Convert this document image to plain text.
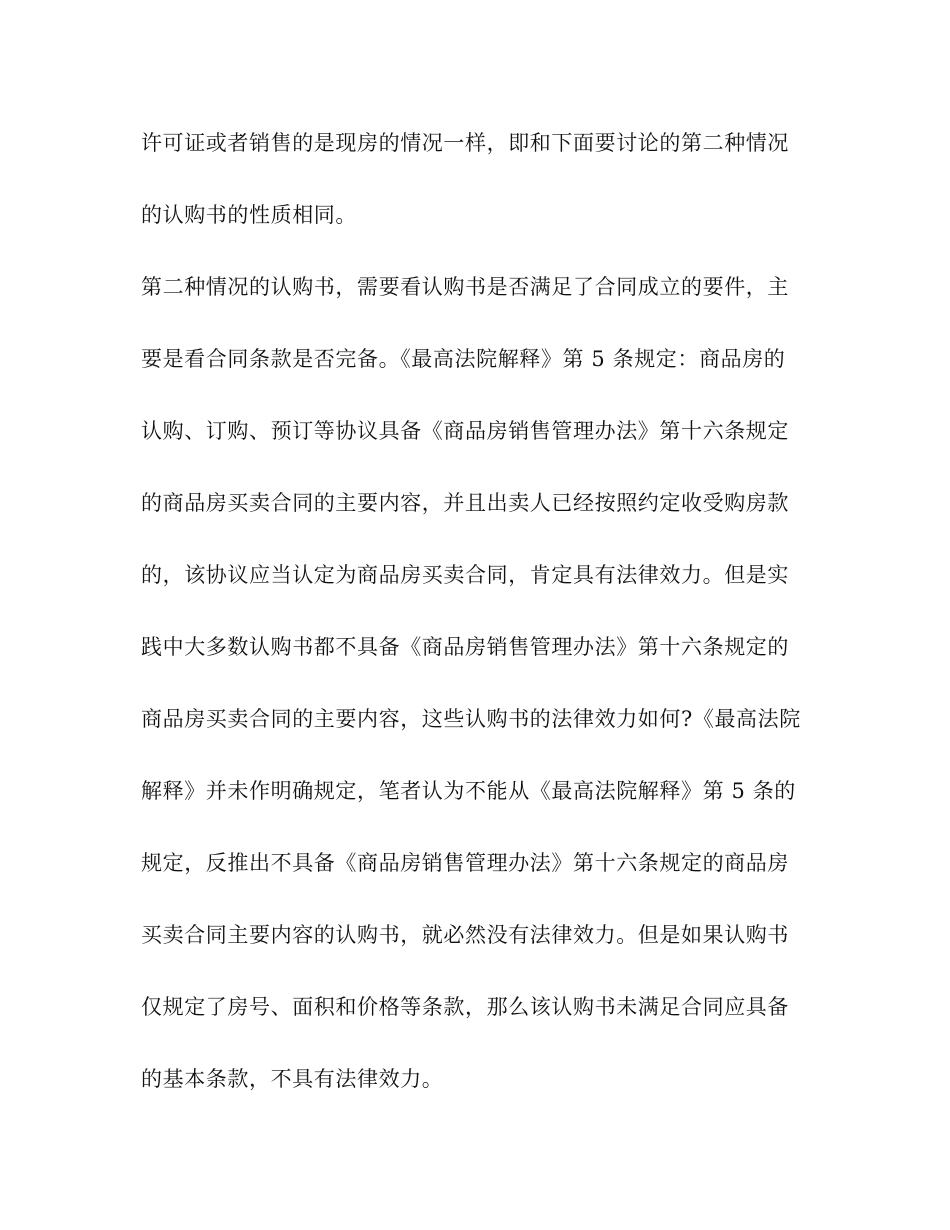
许可证或者销售的是现房的情况一样，即和下面要讨论的第二种情况
的认购书的性质相同。
第二种情况的认购书，需要看认购书是否满足了合同成立的要件，主
要是看合同条款是否完备。《最高法院解释》第 5 条规定：商品房的
认购、订购、预订等协议具备《商品房销售管理办法》第十六条规定
的商品房买卖合同的主要内容，并且出卖人已经按照约定收受购房款
的，该协议应当认定为商品房买卖合同，肯定具有法律效力。但是实
践中大多数认购书都不具备《商品房销售管理办法》第十六条规定的
商品房买卖合同的主要内容，这些认购书的法律效力如何?《最高法院
解释》并未作明确规定，笔者认为不能从《最高法院解释》第 5 条的
规定，反推出不具备《商品房销售管理办法》第十六条规定的商品房
买卖合同主要内容的认购书，就必然没有法律效力。但是如果认购书
仅规定了房号、面积和价格等条款，那么该认购书未满足合同应具备
的基本条款，不具有法律效力。
